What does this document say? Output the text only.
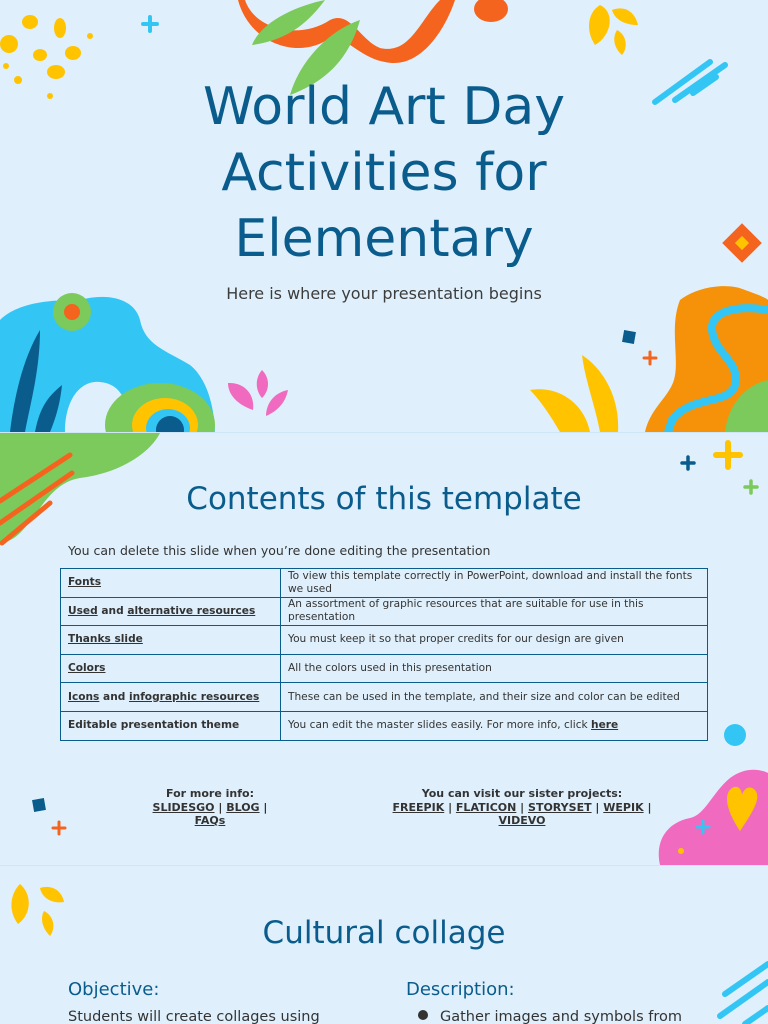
World Art Day
Activities for
Elementary
Here is where your presentation begins
Contents of this template
You can delete this slide when you’re done editing the presentation
Fonts	To view this template correctly in PowerPoint, download and install the fonts we used
Used and alternative resources	An assortment of graphic resources that are suitable for use in this presentation
Thanks slide	You must keep it so that proper credits for our design are given
Colors	All the colors used in this presentation
Icons and infographic resources	These can be used in the template, and their size and color can be edited
Editable presentation theme	You can edit the master slides easily. For more info, click here
For more info:
SLIDESGO | BLOG |
FAQs
You can visit our sister projects:
FREEPIK | FLATICON | STORYSET | WEPIK |
VIDEVO
Cultural collage
Objective:
Students will create collages using
Description:
Gather images and symbols from
